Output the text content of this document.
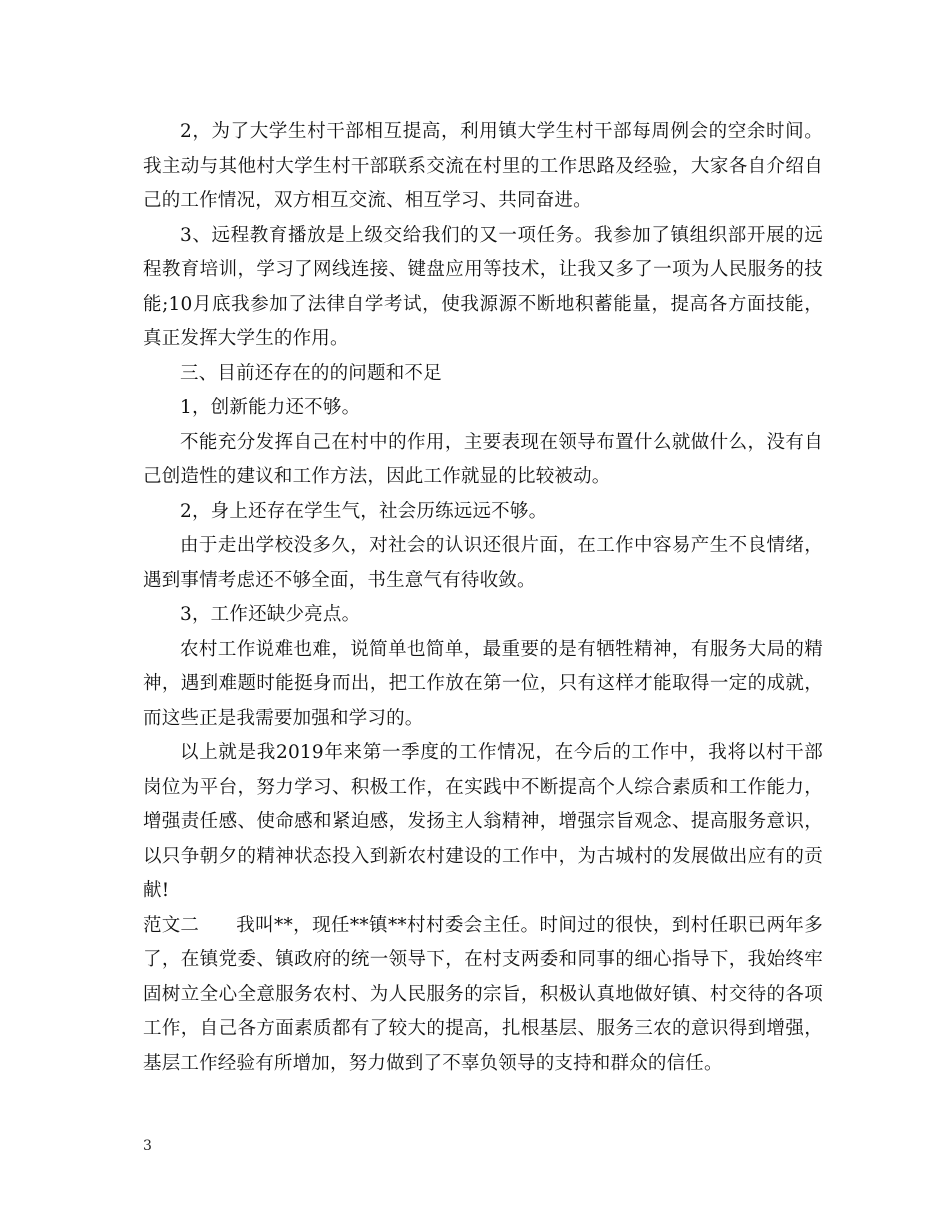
2，为了大学生村干部相互提高，利用镇大学生村干部每周例会的空余时间。我主动与其他村大学生村干部联系交流在村里的工作思路及经验，大家各自介绍自己的工作情况，双方相互交流、相互学习、共同奋进。

3、远程教育播放是上级交给我们的又一项任务。我参加了镇组织部开展的远程教育培训，学习了网线连接、键盘应用等技术，让我又多了一项为人民服务的技能;10月底我参加了法律自学考试，使我源源不断地积蓄能量，提高各方面技能，真正发挥大学生的作用。

三、目前还存在的的问题和不足

1，创新能力还不够。

不能充分发挥自己在村中的作用，主要表现在领导布置什么就做什么，没有自己创造性的建议和工作方法，因此工作就显的比较被动。

2，身上还存在学生气，社会历练远远不够。

由于走出学校没多久，对社会的认识还很片面，在工作中容易产生不良情绪，遇到事情考虑还不够全面，书生意气有待收敛。

3，工作还缺少亮点。

农村工作说难也难，说简单也简单，最重要的是有牺牲精神，有服务大局的精神，遇到难题时能挺身而出，把工作放在第一位，只有这样才能取得一定的成就，而这些正是我需要加强和学习的。

以上就是我2019年来第一季度的工作情况，在今后的工作中，我将以村干部岗位为平台，努力学习、积极工作，在实践中不断提高个人综合素质和工作能力，增强责任感、使命感和紧迫感，发扬主人翁精神，增强宗旨观念、提高服务意识，以只争朝夕的精神状态投入到新农村建设的工作中，为古城村的发展做出应有的贡献!

范文二 我叫**，现任**镇**村村委会主任。时间过的很快，到村任职已两年多了，在镇党委、镇政府的统一领导下，在村支两委和同事的细心指导下，我始终牢固树立全心全意服务农村、为人民服务的宗旨，积极认真地做好镇、村交待的各项工作，自己各方面素质都有了较大的提高，扎根基层、服务三农的意识得到增强，基层工作经验有所增加，努力做到了不辜负领导的支持和群众的信任。

3
